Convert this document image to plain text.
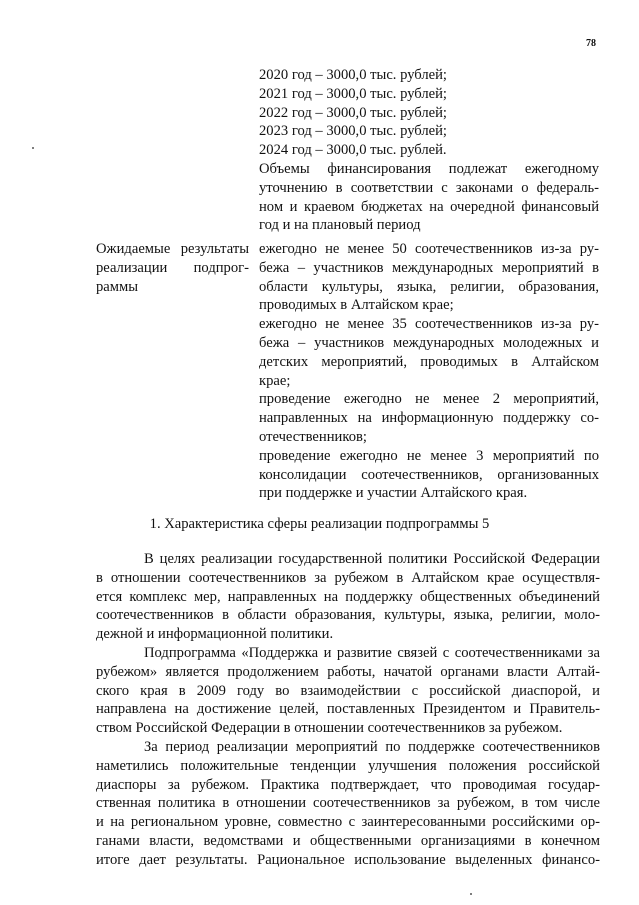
78
2020 год – 3000,0 тыс. рублей;
2021 год – 3000,0 тыс. рублей;
2022 год – 3000,0 тыс. рублей;
2023 год – 3000,0 тыс. рублей;
2024 год – 3000,0 тыс. рублей.
Объемы финансирования подлежат ежегодному
уточнению в соответствии с законами о федераль-
ном и краевом бюджетах на очередной финансовый
год и на плановый период
Ожидаемые результаты
реализации подпрог-
раммы
ежегодно не менее 50 соотечественников из-за ру-
бежа – участников международных мероприятий в
области культуры, языка, религии, образования,
проводимых в Алтайском крае;
ежегодно не менее 35 соотечественников из-за ру-
бежа – участников международных молодежных и
детских мероприятий, проводимых в Алтайском
крае;
проведение ежегодно не менее 2 мероприятий,
направленных на информационную поддержку со-
отечественников;
проведение ежегодно не менее 3 мероприятий по
консолидации соотечественников, организованных
при поддержке и участии Алтайского края.
1. Характеристика сферы реализации подпрограммы 5
В целях реализации государственной политики Российской Федерации
в отношении соотечественников за рубежом в Алтайском крае осуществля-
ется комплекс мер, направленных на поддержку общественных объединений
соотечественников в области образования, культуры, языка, религии, моло-
дежной и информационной политики.
Подпрограмма «Поддержка и развитие связей с соотечественниками за
рубежом» является продолжением работы, начатой органами власти Алтай-
ского края в 2009 году во взаимодействии с российской диаспорой, и
направлена на достижение целей, поставленных Президентом и Правитель-
ством Российской Федерации в отношении соотечественников за рубежом.
За период реализации мероприятий по поддержке соотечественников
наметились положительные тенденции улучшения положения российской
диаспоры за рубежом. Практика подтверждает, что проводимая государ-
ственная политика в отношении соотечественников за рубежом, в том числе
и на региональном уровне, совместно с заинтересованными российскими ор-
ганами власти, ведомствами и общественными организациями в конечном
итоге дает результаты. Рациональное использование выделенных финансо-
